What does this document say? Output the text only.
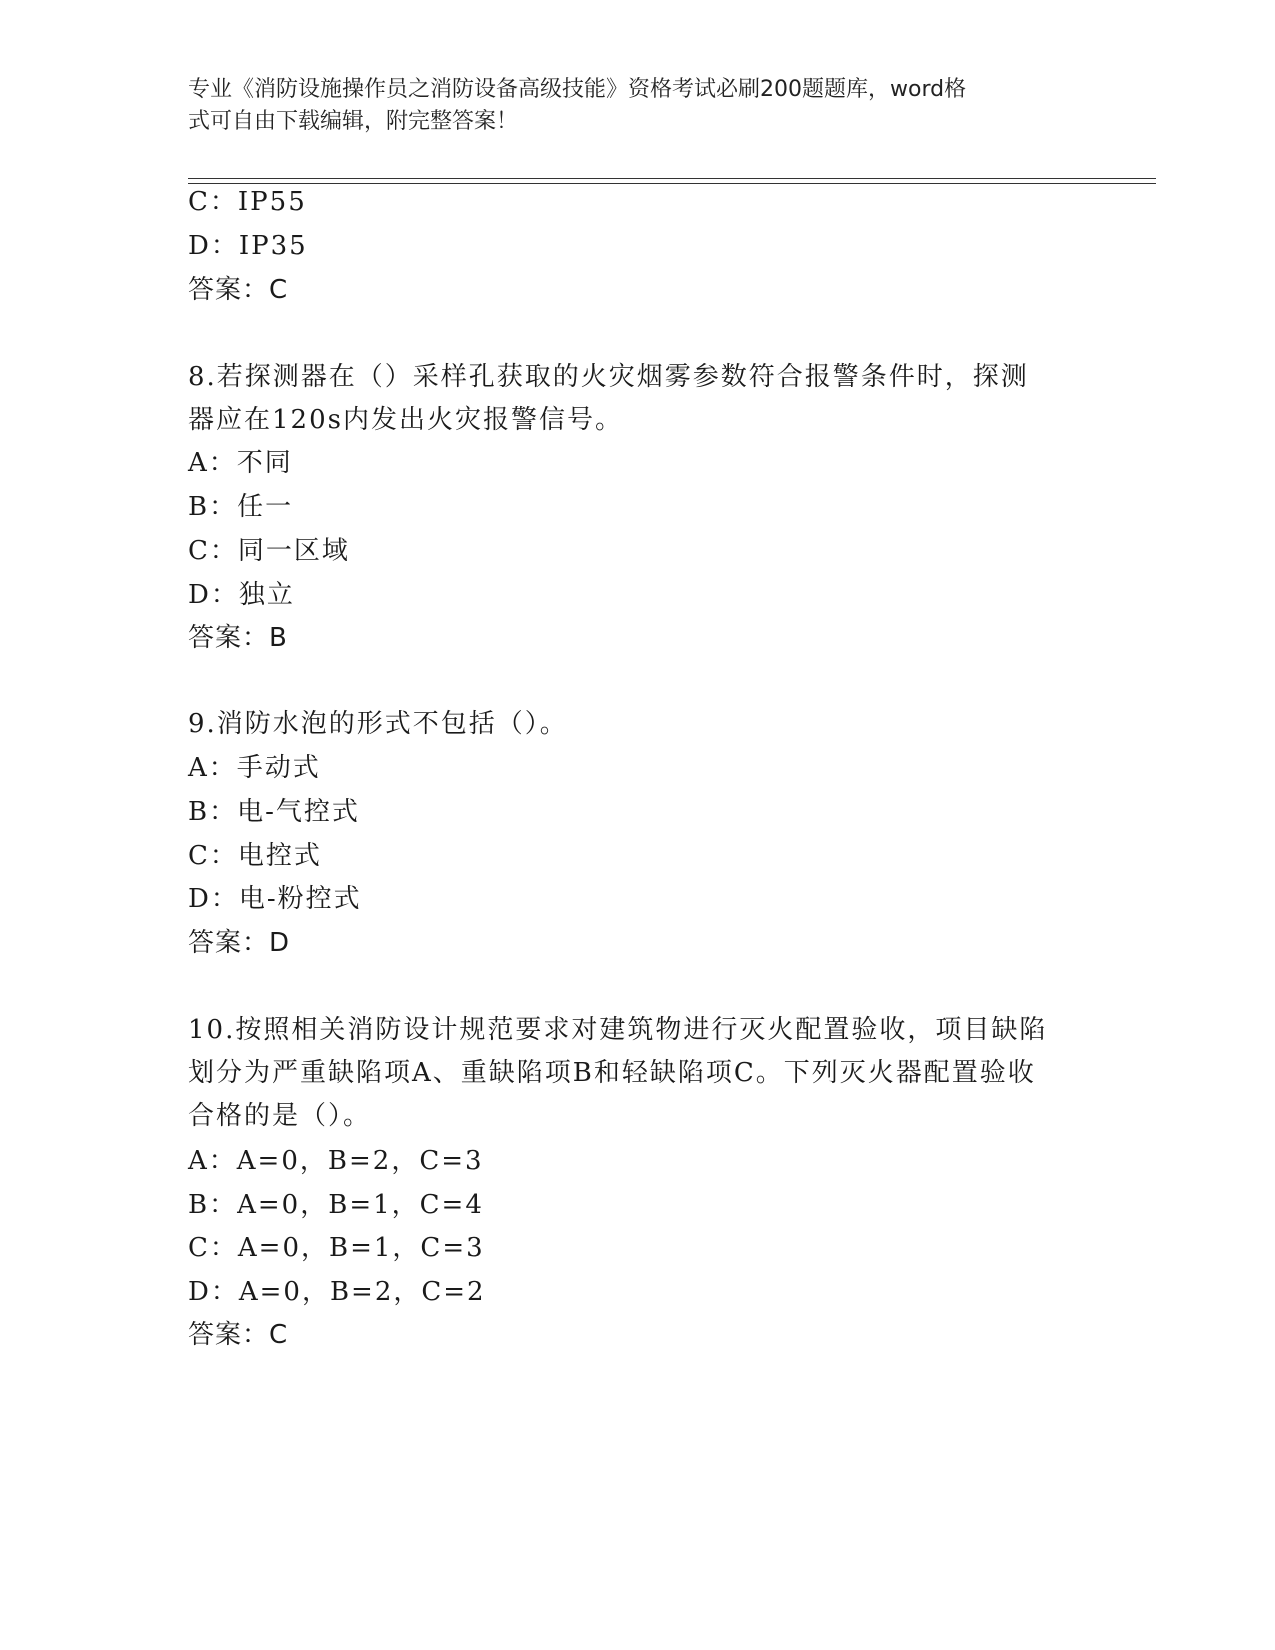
专业《消防设施操作员之消防设备高级技能》资格考试必刷200题题库，word格
式可自由下载编辑，附完整答案！
C：IP55
D：IP35
答案：C
8.若探测器在（）采样孔获取的火灾烟雾参数符合报警条件时，探测
器应在120s内发出火灾报警信号。
A：不同
B：任一
C：同一区域
D：独立
答案：B
9.消防水泡的形式不包括（）。
A：手动式
B：电-气控式
C：电控式
D：电-粉控式
答案：D
10.按照相关消防设计规范要求对建筑物进行灭火配置验收，项目缺陷
划分为严重缺陷项A、重缺陷项B和轻缺陷项C。下列灭火器配置验收
合格的是（）。
A：A=0，B=2，C=3
B：A=0，B=1，C=4
C：A=0，B=1，C=3
D：A=0，B=2，C=2
答案：C
